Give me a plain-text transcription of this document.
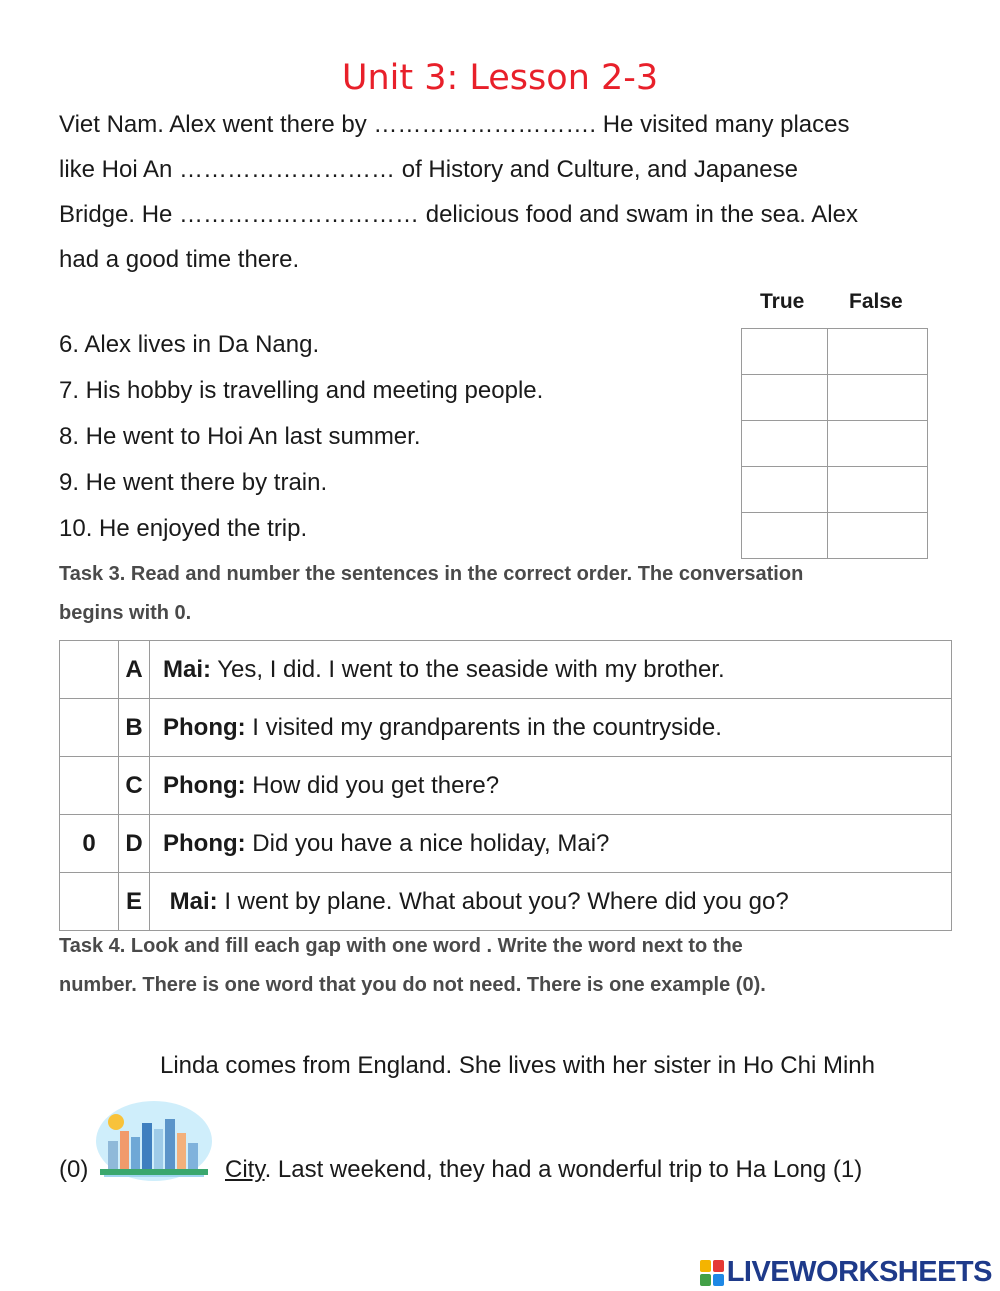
Unit 3: Lesson 2-3
Viet Nam. Alex went there by ………………………. He visited many places
like Hoi An ……………………… of History and Culture, and Japanese
Bridge. He ………………………… delicious food and swam in the sea. Alex
had a good time there.
True False
6. Alex lives in Da Nang.
7. His hobby is travelling and meeting people.
8. He went to Hoi An last summer.
9. He went there by train.
10. He enjoyed the trip.

Task 3. Read and number the sentences in the correct order. The conversation
begins with 0.
	A	Mai: Yes, I did. I went to the seaside with my brother.
	B	Phong: I visited my grandparents in the countryside.
	C	Phong: How did you get there?
0	D	Phong: Did you have a nice holiday, Mai?
	E	Mai: I went by plane. What about you? Where did you go?
Task 4. Look and fill each gap with one word . Write the word next to the
number. There is one word that you do not need. There is one example (0).
Linda comes from England. She lives with her sister in Ho Chi Minh
(0)	City. Last weekend, they had a wonderful trip to Ha Long (1)
LIVEWORKSHEETS
